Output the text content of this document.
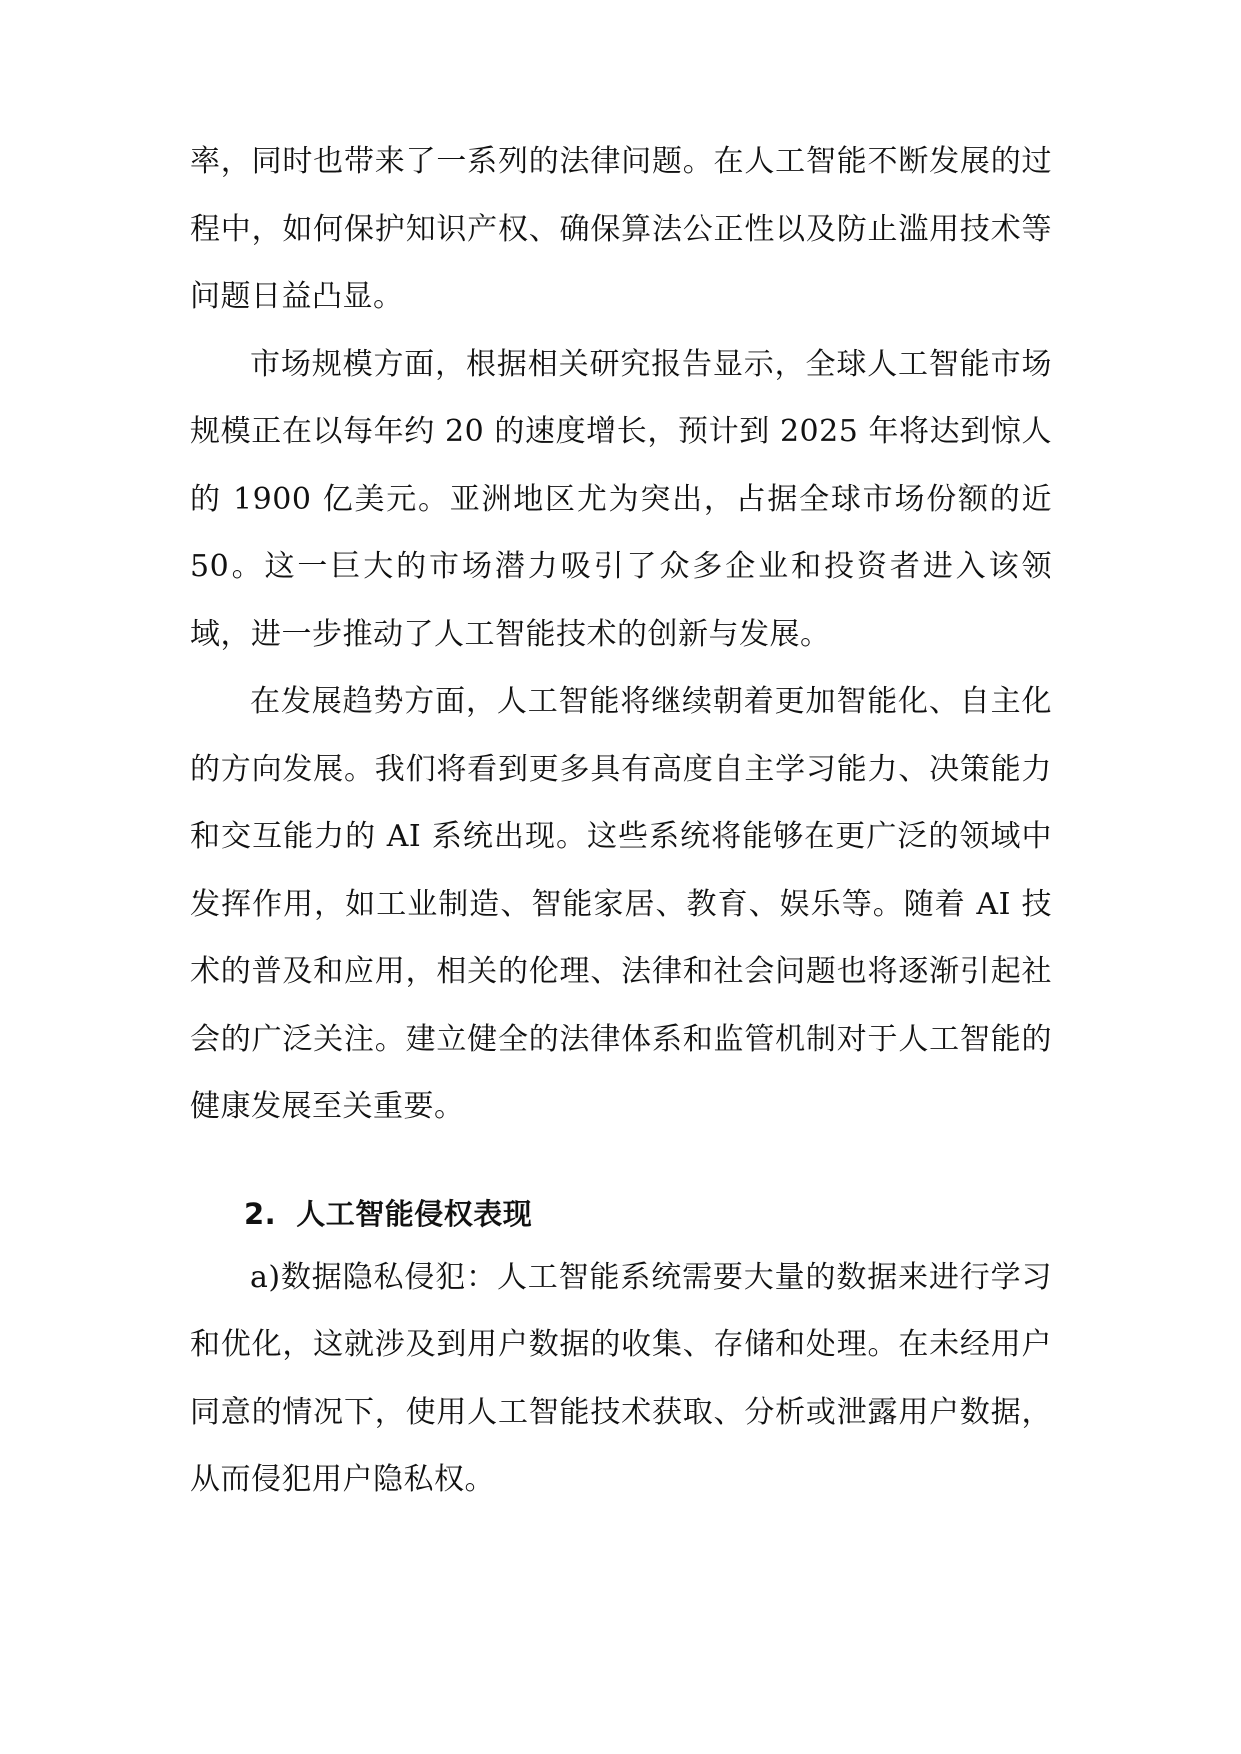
率，同时也带来了一系列的法律问题。在人工智能不断发展的过程中，如何保护知识产权、确保算法公正性以及防止滥用技术等问题日益凸显。

市场规模方面，根据相关研究报告显示，全球人工智能市场规模正在以每年约 20 的速度增长，预计到 2025 年将达到惊人的 1900 亿美元。亚洲地区尤为突出，占据全球市场份额的近 50。这一巨大的市场潜力吸引了众多企业和投资者进入该领域，进一步推动了人工智能技术的创新与发展。

在发展趋势方面，人工智能将继续朝着更加智能化、自主化的方向发展。我们将看到更多具有高度自主学习能力、决策能力和交互能力的 AI 系统出现。这些系统将能够在更广泛的领域中发挥作用，如工业制造、智能家居、教育、娱乐等。随着 AI 技术的普及和应用，相关的伦理、法律和社会问题也将逐渐引起社会的广泛关注。建立健全的法律体系和监管机制对于人工智能的健康发展至关重要。

2. 人工智能侵权表现

a)数据隐私侵犯：人工智能系统需要大量的数据来进行学习和优化，这就涉及到用户数据的收集、存储和处理。在未经用户同意的情况下，使用人工智能技术获取、分析或泄露用户数据，从而侵犯用户隐私权。
